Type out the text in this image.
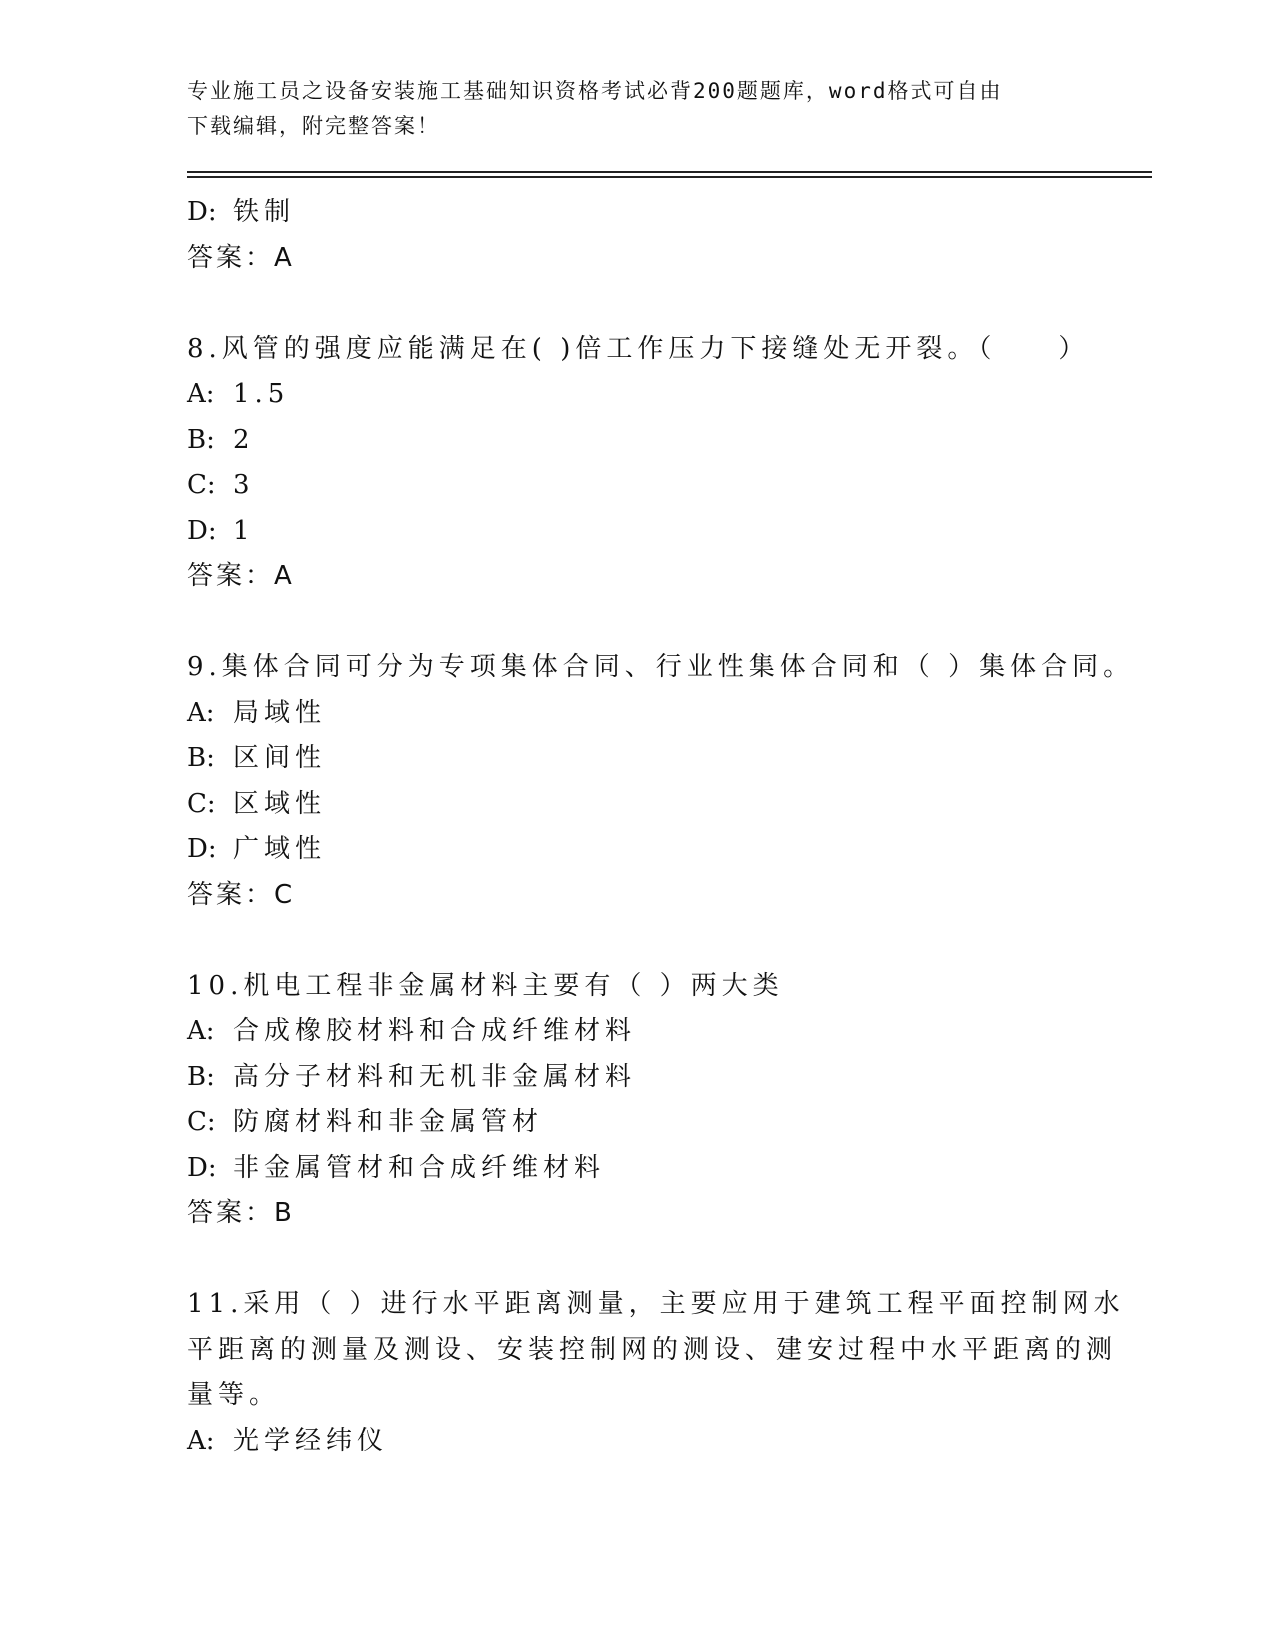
专业施工员之设备安装施工基础知识资格考试必背200题题库，word格式可自由
下载编辑，附完整答案！
D: 铁制
答案：A
8.风管的强度应能满足在( )倍工作压力下接缝处无开裂。（　　）
A: 1.5
B: 2
C: 3
D: 1
答案：A
9.集体合同可分为专项集体合同、行业性集体合同和（ ）集体合同。
A: 局域性
B: 区间性
C: 区域性
D: 广域性
答案：C
10.机电工程非金属材料主要有（ ）两大类
A: 合成橡胶材料和合成纤维材料
B: 高分子材料和无机非金属材料
C: 防腐材料和非金属管材
D: 非金属管材和合成纤维材料
答案：B
11.采用（ ）进行水平距离测量，主要应用于建筑工程平面控制网水
平距离的测量及测设、安装控制网的测设、建安过程中水平距离的测
量等。
A: 光学经纬仪
